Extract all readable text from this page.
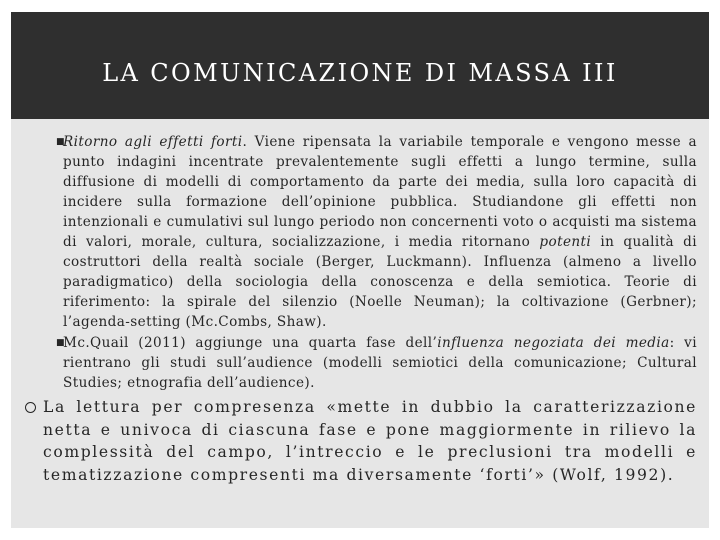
LA COMUNICAZIONE DI MASSA III
■
Ritorno agli effetti forti. Viene ripensata la variabile temporale e vengono messe a punto indagini incentrate prevalentemente sugli effetti a lungo termine, sulla diffusione di modelli di comportamento da parte dei media, sulla loro capacità di incidere sulla formazione dell’opinione pubblica. Studiandone gli effetti non intenzionali e cumulativi sul lungo periodo non concernenti voto o acquisti ma sistema di valori, morale, cultura, socializzazione, i media ritornano potenti in qualità di costruttori della realtà sociale (Berger, Luckmann). Influenza (almeno a livello paradigmatico) della sociologia della conoscenza e della semiotica. Teorie di riferimento: la spirale del silenzio (Noelle Neuman); la coltivazione (Gerbner); l’agenda-setting (Mc.Combs, Shaw).
■
Mc.Quail (2011) aggiunge una quarta fase dell’influenza negoziata dei media: vi rientrano gli studi sull’audience (modelli semiotici della comunicazione; Cultural Studies; etnografia dell’audience).
La lettura per compresenza «mette in dubbio la caratterizzazione netta e univoca di ciascuna fase e pone maggiormente in rilievo la complessità del campo, l’intreccio e le preclusioni tra modelli e tematizzazione compresenti ma diversamente ‘forti’» (Wolf, 1992).
